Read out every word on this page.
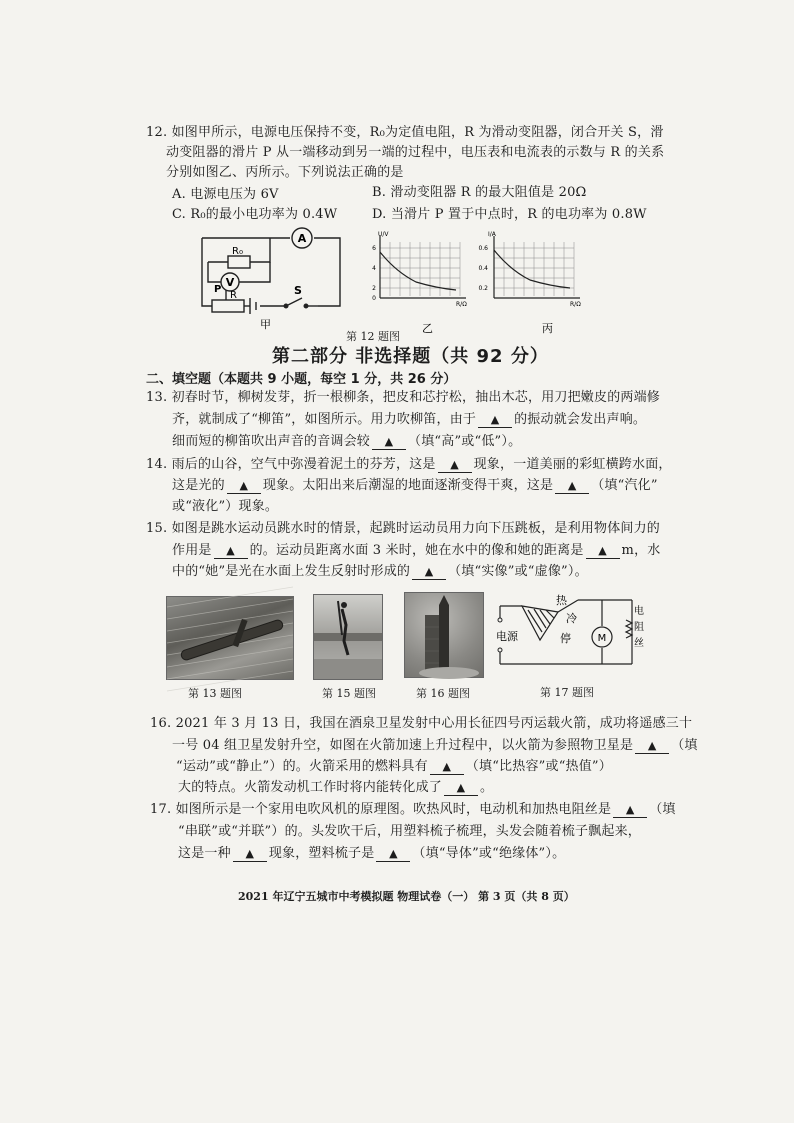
12. 如图甲所示，电源电压保持不变，R₀为定值电阻，R 为滑动变阻器，闭合开关 S，滑
动变阻器的滑片 P 从一端移动到另一端的过程中，电压表和电流表的示数与 R 的关系
分别如图乙、丙所示。下列说法正确的是
A. 电源电压为 6V	B. 滑动变阻器 R 的最大阻值是 20Ω
C. R₀的最小电功率为 0.4W	D. 当滑片 P 置于中点时，R 的电功率为 0.8W
A
V
R₀
P
R	S
甲
U/V
6
4
2
0
R/Ω
乙
I/A
0.6
0.4
0.2
R/Ω
丙
第 12 题图
第二部分 非选择题（共 92 分）
二、填空题（本题共 9 小题，每空 1 分，共 26 分）
13. 初春时节，柳树发芽，折一根柳条，把皮和芯拧松，抽出木芯，用刀把嫩皮的两端修
齐，就制成了“柳笛”，如图所示。用力吹柳笛，由于 ▲ 的振动就会发出声响。
细而短的柳笛吹出声音的音调会较 ▲ （填“高”或“低”）。
14. 雨后的山谷，空气中弥漫着泥土的芬芳，这是 ▲ 现象，一道美丽的彩虹横跨水面，
这是光的 ▲ 现象。太阳出来后潮湿的地面逐渐变得干爽，这是 ▲ （填“汽化”
或“液化”）现象。
15. 如图是跳水运动员跳水时的情景，起跳时运动员用力向下压跳板，是利用物体间力的
作用是 ▲ 的。运动员距离水面 3 米时，她在水中的像和她的距离是 ▲ m，水
中的“她”是光在水面上发生反射时形成的 ▲ （填“实像”或“虚像”）。
M
电源
热
冷
停
电
阻
丝
第 13 题图	第 15 题图	第 16 题图	第 17 题图
16. 2021 年 3 月 13 日，我国在酒泉卫星发射中心用长征四号丙运载火箭，成功将遥感三十
一号 04 组卫星发射升空，如图在火箭加速上升过程中，以火箭为参照物卫星是 ▲ （填
“运动”或“静止”）的。火箭采用的燃料具有 ▲ （填“比热容”或“热值”）
大的特点。火箭发动机工作时将内能转化成了 ▲ 。
17. 如图所示是一个家用电吹风机的原理图。吹热风时，电动机和加热电阻丝是 ▲ （填
“串联”或“并联”）的。头发吹干后，用塑料梳子梳理，头发会随着梳子飘起来，
这是一种 ▲ 现象，塑料梳子是 ▲ （填“导体”或“绝缘体”）。
2021 年辽宁五城市中考模拟题 物理试卷（一） 第 3 页（共 8 页）
